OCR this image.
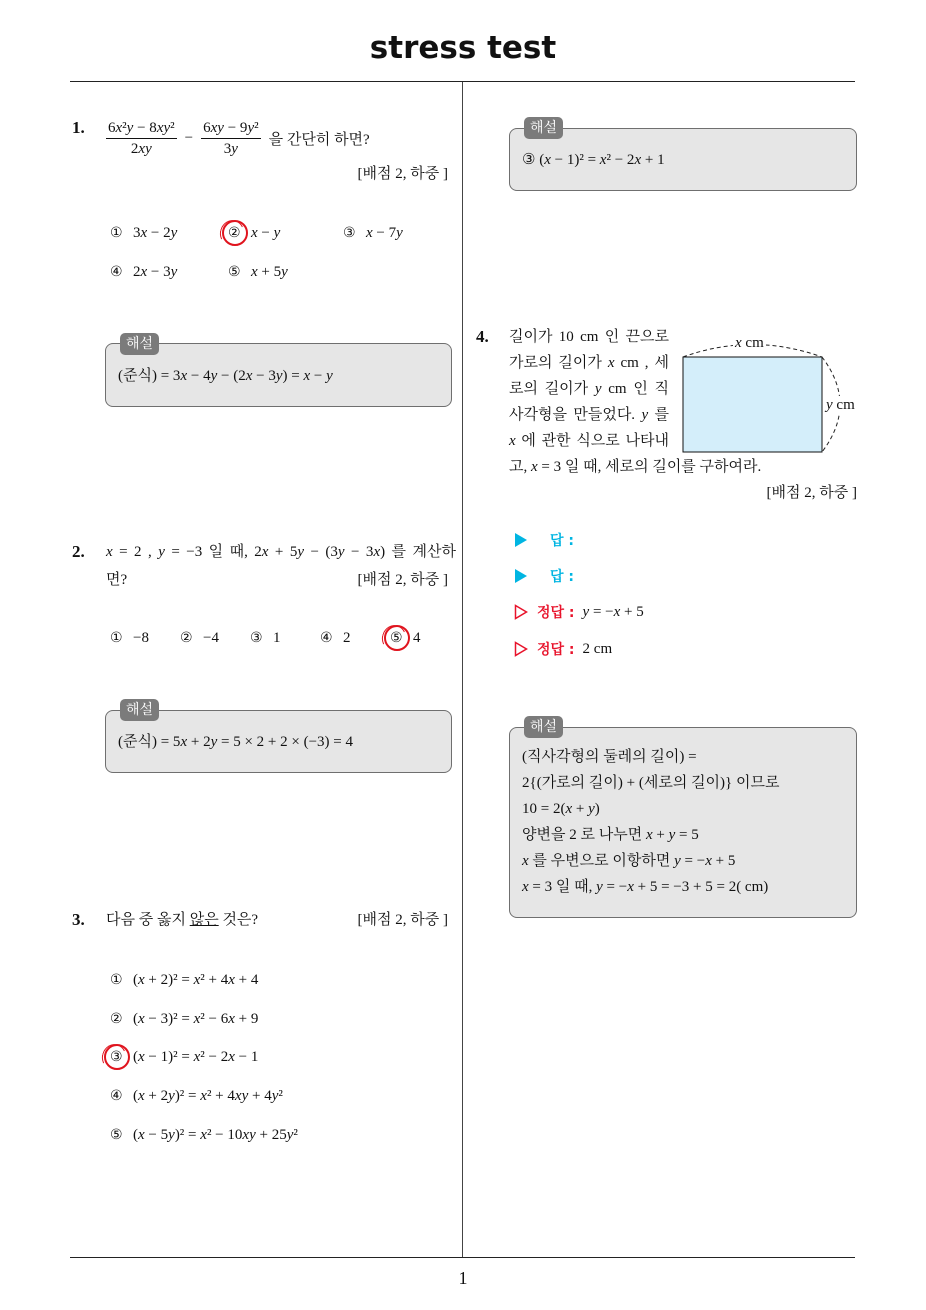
stress test
1. $\frac{\text{6x²y − 8xy²}}{2xy} - \frac{\text{6xy − 9y²}}{3y}$ 을 간단히 하면?
[배점 2, 하중 ]
① 3x − 2y	② x − y	③ x − 7y
④ 2x − 3y	⑤ x + 5y
해설
(준식) = 3x − 4y − (2x − 3y) = x − y
2. x = 2 , y = −3 일 때, 2x + 5y − (3y − 3x) 를 계산하
면?	[배점 2, 하중 ]
① −8 ② −4 ③ 1	④ 2	⑤ 4
해설
(준식) = 5x + 2y = 5 × 2 + 2 × (−3) = 4
3. 다음 중 옳지 않은 것은?	[배점 2, 하중 ]
① (x + 2)² = x² + 4x + 4
② (x − 3)² = x² − 6x + 9
③ (x − 1)² = x² − 2x − 1
④ (x + 2y)² = x² + 4xy + 4y²
⑤ (x − 5y)² = x² − 10xy + 25y²
해설
③ (x − 1)² = x² − 2x + 1
4. 길이가 10 cm 인 끈으로
가로의 길이가 x cm , 세
로의 길이가 y cm 인 직
사각형을 만들었다. y 를
x 에 관한 식으로 나타내
고, x = 3 일 때, 세로의 길이를 구하여라.
[배점 2, 하중 ]
x cm
y cm
답 :
답 :
정답 : y = −x + 5
정답 : 2 cm
해설
(직사각형의 둘레의 길이) =
2{(가로의 길이) + (세로의 길이)} 이므로
10 = 2(x + y)
양변을 2 로 나누면 x + y = 5
x 를 우변으로 이항하면 y = −x + 5
x = 3 일 때, y = −x + 5 = −3 + 5 = 2( cm)
1
